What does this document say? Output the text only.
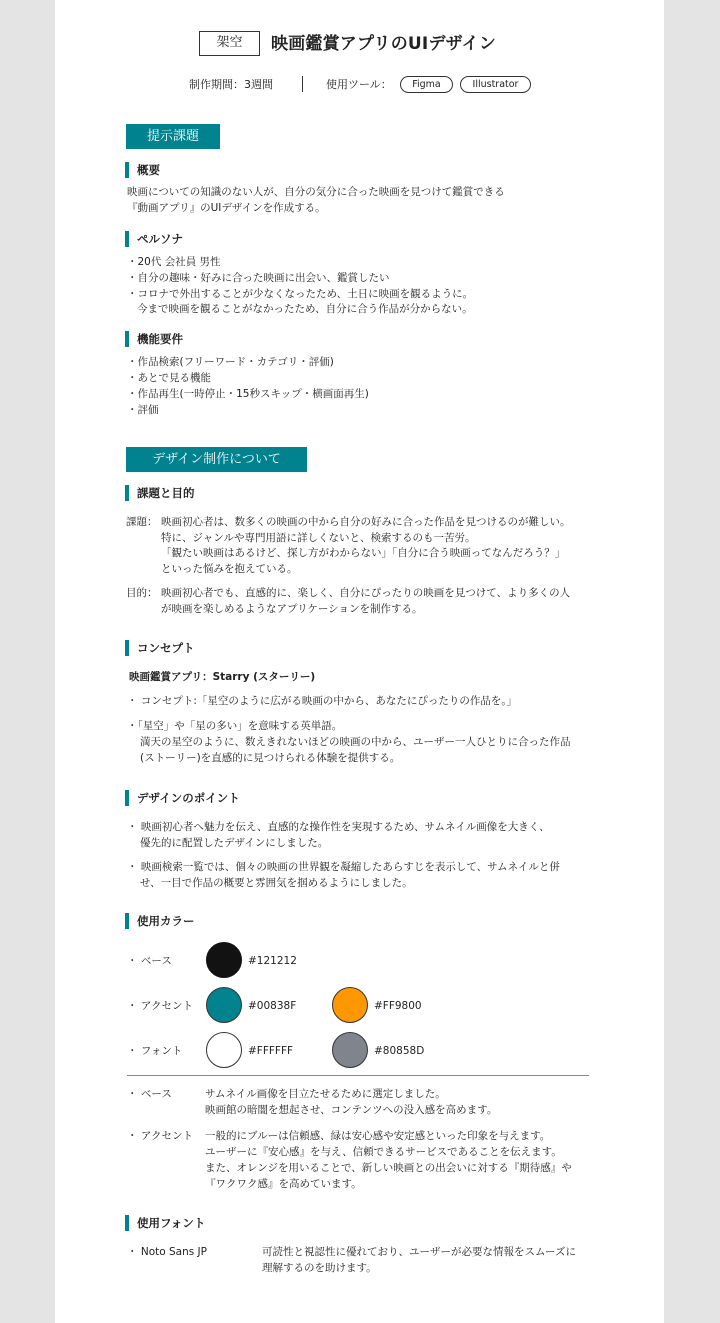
架空	映画鑑賞アプリのUIデザイン
制作期間：3週間	使用ツール：	Figma	Illustrator
提示課題
概要
映画についての知識のない人が、自分の気分に合った映画を見つけて鑑賞できる
『動画アプリ』のUIデザインを作成する。
ペルソナ
・20代 会社員 男性
・自分の趣味・好みに合った映画に出会い、鑑賞したい
・コロナで外出することが少なくなったため、土日に映画を観るように。
今まで映画を観ることがなかったため、自分に合う作品が分からない。
機能要件
・作品検索(フリーワード・カテゴリ・評価)
・あとで見る機能
・作品再生(一時停止・15秒スキップ・横画面再生)
・評価
デザイン制作について
課題と目的
課題： 映画初心者は、数多くの映画の中から自分の好みに合った作品を見つけるのが難しい。
特に、ジャンルや専門用語に詳しくないと、検索するのも一苦労。
「観たい映画はあるけど、探し方がわからない」「自分に合う映画ってなんだろう？」
といった悩みを抱えている。
目的： 映画初心者でも、直感的に、楽しく、自分にぴったりの映画を見つけて、より多くの人
が映画を楽しめるようなアプリケーションを制作する。
コンセプト
映画鑑賞アプリ：Starry (スターリー)
・ コンセプト:「星空のように広がる映画の中から、あなたにぴったりの作品を。」
・「星空」や「星の多い」を意味する英単語。
満天の星空のように、数えきれないほどの映画の中から、ユーザー一人ひとりに合った作品
(ストーリー)を直感的に見つけられる体験を提供する。
デザインのポイント
・ 映画初心者へ魅力を伝え、直感的な操作性を実現するため、サムネイル画像を大きく、
優先的に配置したデザインにしました。
・ 映画検索一覧では、個々の映画の世界観を凝縮したあらすじを表示して、サムネイルと併
せ、一目で作品の概要と雰囲気を掴めるようにしました。
使用カラー
・ ベース	#121212
・ アクセント	#00838F	#FF9800
・ フォント	#FFFFFF	#80858D
・ ベース	サムネイル画像を目立たせるために選定しました。
映画館の暗闇を想起させ、コンテンツへの没入感を高めます。
・ アクセント 一般的にブルーは信頼感、緑は安心感や安定感といった印象を与えます。
ユーザーに『安心感』を与え、信頼できるサービスであることを伝えます。
また、オレンジを用いることで、新しい映画との出会いに対する『期待感』や
『ワクワク感』を高めています。
使用フォント
・ Noto Sans JP	可読性と視認性に優れており、ユーザーが必要な情報をスムーズに
理解するのを助けます。
